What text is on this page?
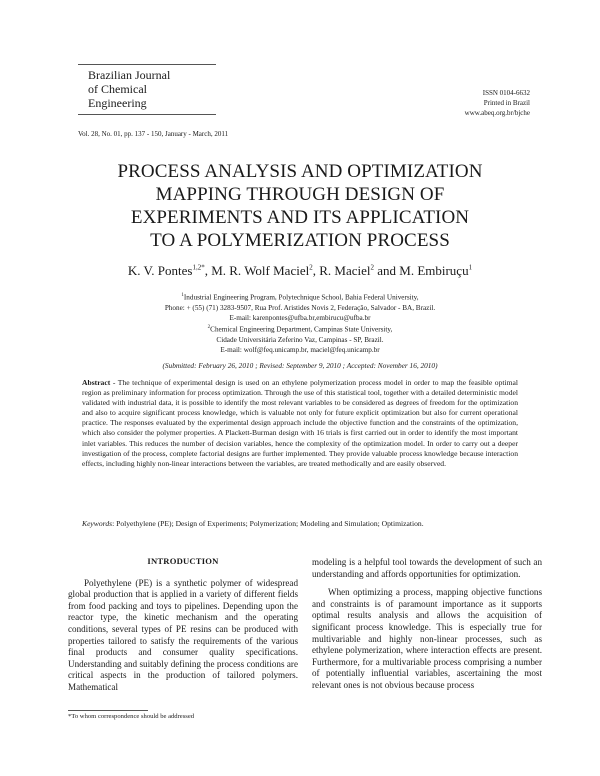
Brazilian Journal
of Chemical
Engineering
ISSN 0104-6632
Printed in Brazil
www.abeq.org.br/bjche
Vol. 28, No. 01, pp. 137 - 150, January - March, 2011
PROCESS ANALYSIS AND OPTIMIZATION
MAPPING THROUGH DESIGN OF
EXPERIMENTS AND ITS APPLICATION
TO A POLYMERIZATION PROCESS
K. V. Pontes$^{1,2*}$, M. R. Wolf Maciel$^2$, R. Maciel$^2$ and M. Embiruçu$^1$
$^1$Industrial Engineering Program, Polytechnique School, Bahia Federal University,
Phone: + (55) (71) 3283-9507, Rua Prof. Aristides Novis 2, Federação, Salvador - BA, Brazil.
E-mail: karenpontes@ufba.br,embirucu@ufba.br
$^2$Chemical Engineering Department, Campinas State University,
Cidade Universitária Zeferino Vaz, Campinas - SP, Brazil.
E-mail: wolf@feq.unicamp.br, maciel@feq.unicamp.br
(Submitted: February 26, 2010 ; Revised: September 9, 2010 ; Accepted: November 16, 2010)
Abstract - The technique of experimental design is used on an ethylene polymerization process model in order to map the feasible optimal region as preliminary information for process optimization. Through the use of this statistical tool, together with a detailed deterministic model validated with industrial data, it is possible to identify the most relevant variables to be considered as degrees of freedom for the optimization and also to acquire significant process knowledge, which is valuable not only for future explicit optimization but also for current operational practice. The responses evaluated by the experimental design approach include the objective function and the constraints of the optimization, which also consider the polymer properties. A Plackett-Burman design with 16 trials is first carried out in order to identify the most important inlet variables. This reduces the number of decision variables, hence the complexity of the optimization model. In order to carry out a deeper investigation of the process, complete factorial designs are further implemented. They provide valuable process knowledge because interaction effects, including highly non-linear interactions between the variables, are treated methodically and are easily observed.
Keywords: Polyethylene (PE); Design of Experiments; Polymerization; Modeling and Simulation; Optimization.
INTRODUCTION

Polyethylene (PE) is a synthetic polymer of widespread global production that is applied in a variety of different fields from food packing and toys to pipelines. Depending upon the reactor type, the kinetic mechanism and the operating conditions, several types of PE resins can be produced with properties tailored to satisfy the requirements of the various final products and consumer quality specifications. Understanding and suitably defining the process conditions are critical aspects in the production of tailored polymers. Mathematical

modeling is a helpful tool towards the development of such an understanding and affords opportunities for optimization.

When optimizing a process, mapping objective functions and constraints is of paramount importance as it supports optimal results analysis and allows the acquisition of significant process knowledge. This is especially true for multivariable and highly non-linear processes, such as ethylene polymerization, where interaction effects are present. Furthermore, for a multivariable process comprising a number of potentially influential variables, ascertaining the most relevant ones is not obvious because process

*To whom correspondence should be addressed
